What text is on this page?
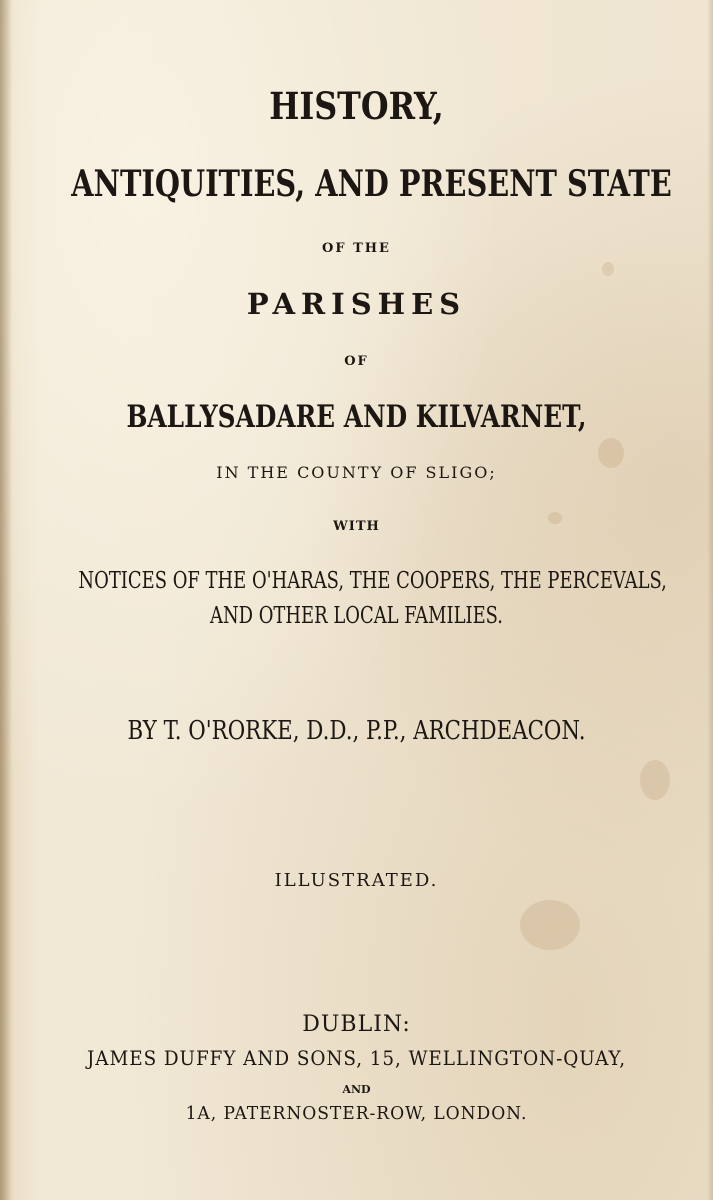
HISTORY,
ANTIQUITIES, AND PRESENT STATE
OF THE
PARISHES
OF
BALLYSADARE AND KILVARNET,
IN THE COUNTY OF SLIGO;
WITH
NOTICES OF THE O'HARAS, THE COOPERS, THE PERCEVALS,
AND OTHER LOCAL FAMILIES.
BY T. O'RORKE, D.D., P.P., ARCHDEACON.
ILLUSTRATED.
DUBLIN:
JAMES DUFFY AND SONS, 15, WELLINGTON-QUAY,
AND
1A, PATERNOSTER-ROW, LONDON.
